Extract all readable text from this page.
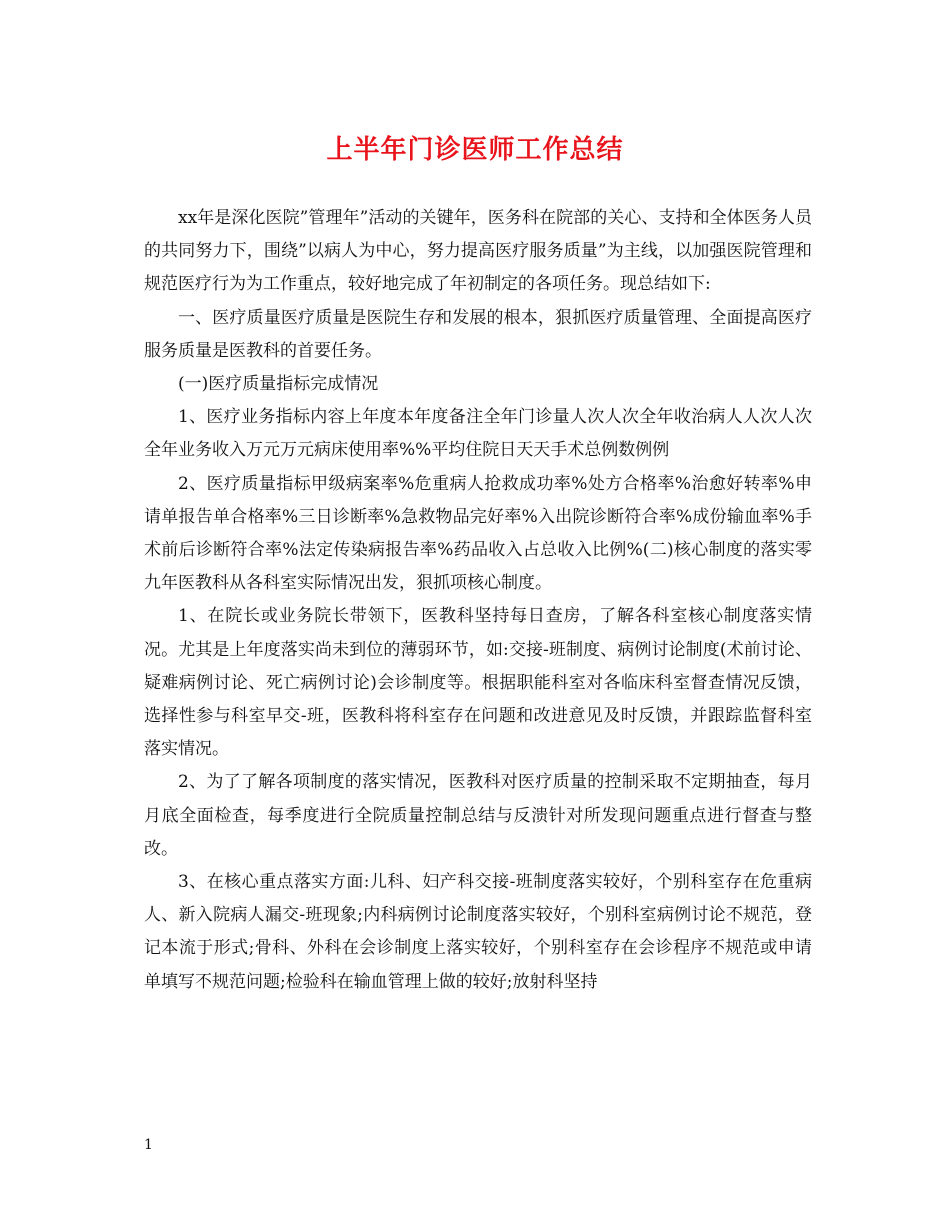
上半年门诊医师工作总结

xx年是深化医院”管理年”活动的关键年，医务科在院部的关心、支持和全体医务人员的共同努力下，围绕”以病人为中心，努力提高医疗服务质量”为主线，以加强医院管理和规范医疗行为为工作重点，较好地完成了年初制定的各项任务。现总结如下:

一、医疗质量医疗质量是医院生存和发展的根本，狠抓医疗质量管理、全面提高医疗服务质量是医教科的首要任务。

(一)医疗质量指标完成情况

1、医疗业务指标内容上年度本年度备注全年门诊量人次人次全年收治病人人次人次全年业务收入万元万元病床使用率%%平均住院日天天手术总例数例例

2、医疗质量指标甲级病案率%危重病人抢救成功率%处方合格率%治愈好转率%申请单报告单合格率%三日诊断率%急救物品完好率%入出院诊断符合率%成份输血率%手术前后诊断符合率%法定传染病报告率%药品收入占总收入比例%(二)核心制度的落实零九年医教科从各科室实际情况出发，狠抓项核心制度。

1、在院长或业务院长带领下，医教科坚持每日查房，了解各科室核心制度落实情况。尤其是上年度落实尚未到位的薄弱环节，如:交接-班制度、病例讨论制度(术前讨论、疑难病例讨论、死亡病例讨论)会诊制度等。根据职能科室对各临床科室督查情况反馈，选择性参与科室早交-班，医教科将科室存在问题和改进意见及时反馈，并跟踪监督科室落实情况。

2、为了了解各项制度的落实情况，医教科对医疗质量的控制采取不定期抽查，每月月底全面检查，每季度进行全院质量控制总结与反溃针对所发现问题重点进行督查与整改。

3、在核心重点落实方面:儿科、妇产科交接-班制度落实较好，个别科室存在危重病人、新入院病人漏交-班现象;内科病例讨论制度落实较好，个别科室病例讨论不规范，登记本流于形式;骨科、外科在会诊制度上落实较好，个别科室存在会诊程序不规范或申请单填写不规范问题;检验科在输血管理上做的较好;放射科坚持

1
